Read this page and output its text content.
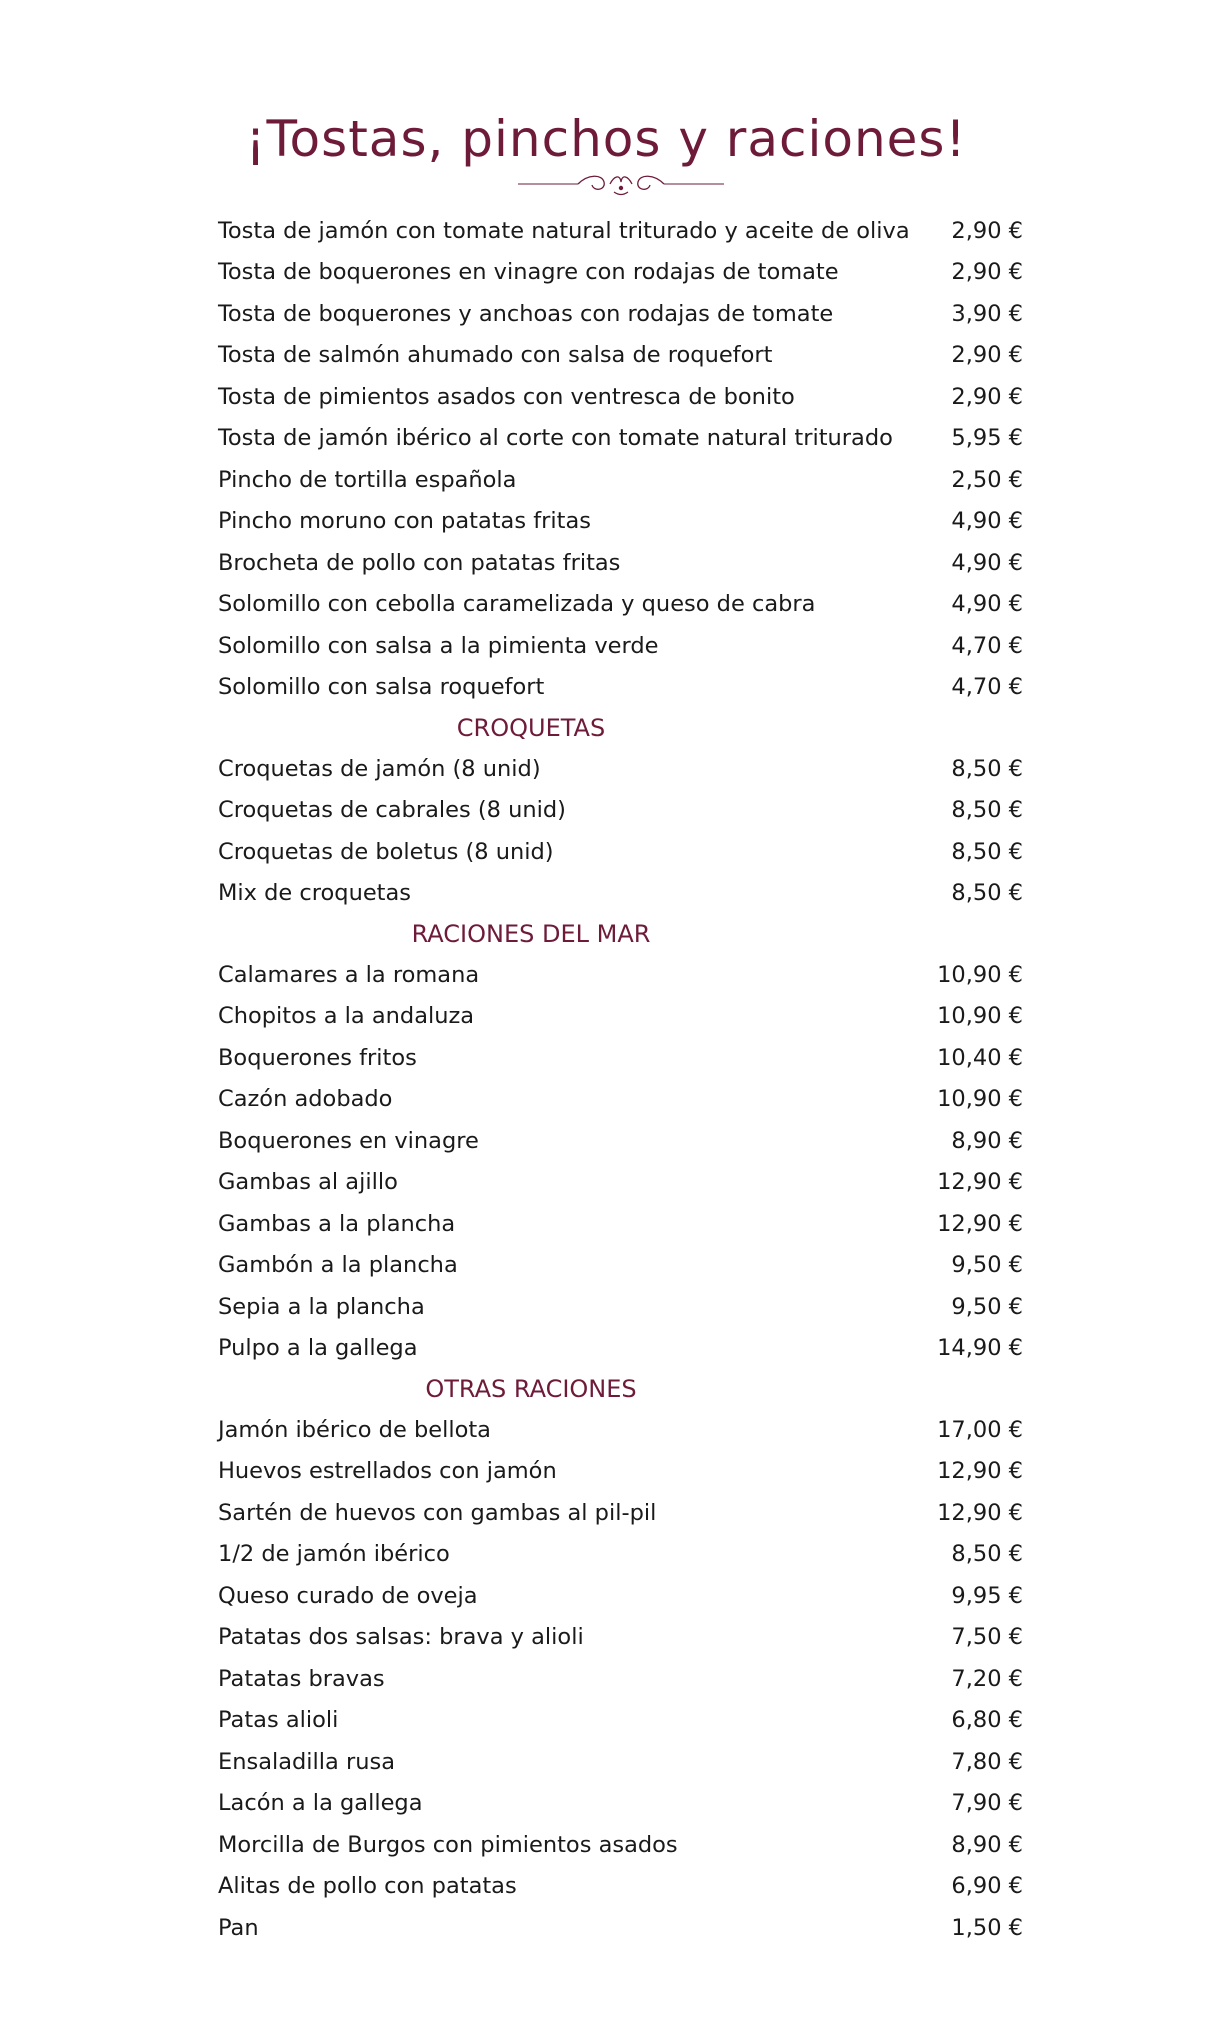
¡Tostas, pinchos y raciones!
Tosta de jamón con tomate natural triturado y aceite de oliva 2,90 €
Tosta de boquerones en vinagre con rodajas de tomate	2,90 €
Tosta de boquerones y anchoas con rodajas de tomate	3,90 €
Tosta de salmón ahumado con salsa de roquefort	2,90 €
Tosta de pimientos asados con ventresca de bonito	2,90 €
Tosta de jamón ibérico al corte con tomate natural triturado	5,95 €
Pincho de tortilla española	2,50 €
Pincho moruno con patatas fritas	4,90 €
Brocheta de pollo con patatas fritas	4,90 €
Solomillo con cebolla caramelizada y queso de cabra	4,90 €
Solomillo con salsa a la pimienta verde	4,70 €
Solomillo con salsa roquefort	4,70 €
CROQUETAS
Croquetas de jamón (8 unid)	8,50 €
Croquetas de cabrales (8 unid)	8,50 €
Croquetas de boletus (8 unid)	8,50 €
Mix de croquetas	8,50 €
RACIONES DEL MAR
Calamares a la romana	10,90 €
Chopitos a la andaluza	10,90 €
Boquerones fritos	10,40 €
Cazón adobado	10,90 €
Boquerones en vinagre	8,90 €
Gambas al ajillo	12,90 €
Gambas a la plancha	12,90 €
Gambón a la plancha	9,50 €
Sepia a la plancha	9,50 €
Pulpo a la gallega	14,90 €
OTRAS RACIONES
Jamón ibérico de bellota	17,00 €
Huevos estrellados con jamón	12,90 €
Sartén de huevos con gambas al pil-pil	12,90 €
1/2 de jamón ibérico	8,50 €
Queso curado de oveja	9,95 €
Patatas dos salsas: brava y alioli	7,50 €
Patatas bravas	7,20 €
Patas alioli	6,80 €
Ensaladilla rusa	7,80 €
Lacón a la gallega	7,90 €
Morcilla de Burgos con pimientos asados	8,90 €
Alitas de pollo con patatas	6,90 €
Pan	1,50 €
